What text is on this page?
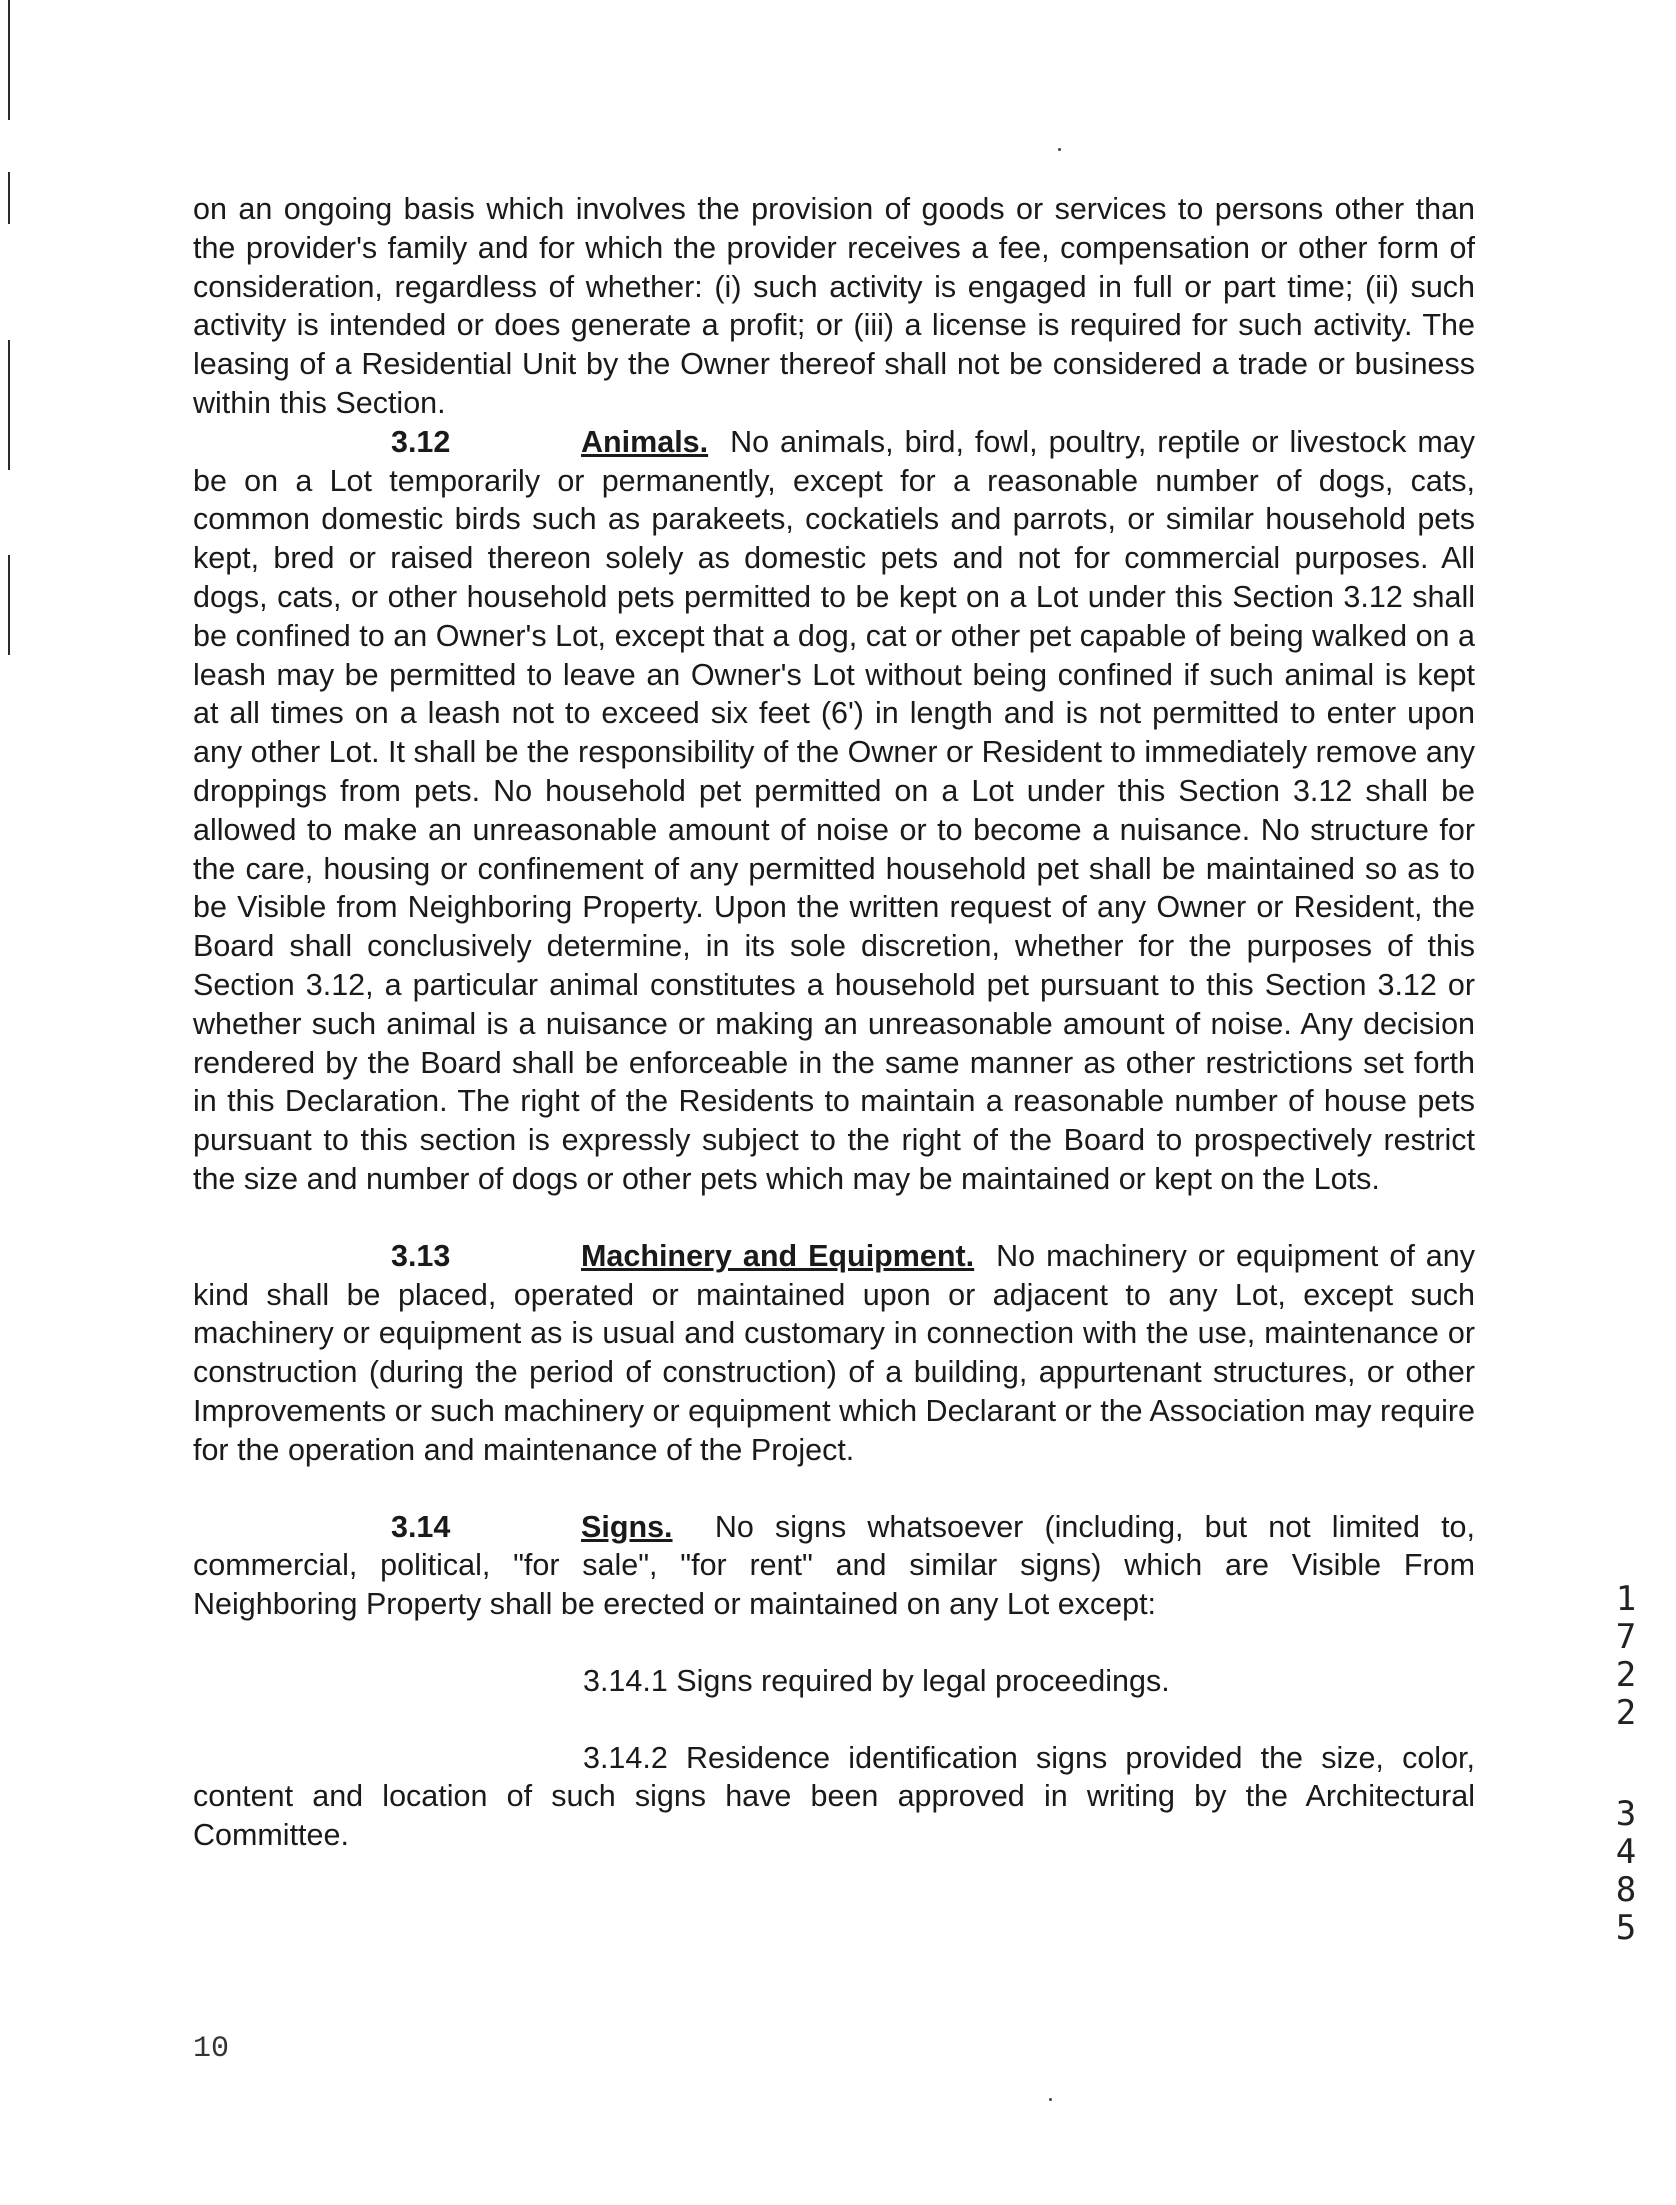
on an ongoing basis which involves the provision of goods or services to persons other than the provider's family and for which the provider receives a fee, compensation or other form of consideration, regardless of whether: (i) such activity is engaged in full or part time; (ii) such activity is intended or does generate a profit; or (iii) a license is required for such activity. The leasing of a Residential Unit by the Owner thereof shall not be considered a trade or business within this Section.

3.12	Animals. No animals, bird, fowl, poultry, reptile or livestock may be on a Lot temporarily or permanently, except for a reasonable number of dogs, cats, common domestic birds such as parakeets, cockatiels and parrots, or similar household pets kept, bred or raised thereon solely as domestic pets and not for commercial purposes. All dogs, cats, or other household pets permitted to be kept on a Lot under this Section 3.12 shall be confined to an Owner's Lot, except that a dog, cat or other pet capable of being walked on a leash may be permitted to leave an Owner's Lot without being confined if such animal is kept at all times on a leash not to exceed six feet (6') in length and is not permitted to enter upon any other Lot. It shall be the responsibility of the Owner or Resident to immediately remove any droppings from pets. No household pet permitted on a Lot under this Section 3.12 shall be allowed to make an unreasonable amount of noise or to become a nuisance. No structure for the care, housing or confinement of any permitted household pet shall be maintained so as to be Visible from Neighboring Property. Upon the written request of any Owner or Resident, the Board shall conclusively determine, in its sole discretion, whether for the purposes of this Section 3.12, a particular animal constitutes a household pet pursuant to this Section 3.12 or whether such animal is a nuisance or making an unreasonable amount of noise. Any decision rendered by the Board shall be enforceable in the same manner as other restrictions set forth in this Declaration. The right of the Residents to maintain a reasonable number of house pets pursuant to this section is expressly subject to the right of the Board to prospectively restrict the size and number of dogs or other pets which may be maintained or kept on the Lots.

3.13	Machinery and Equipment. No machinery or equipment of any kind shall be placed, operated or maintained upon or adjacent to any Lot, except such machinery or equipment as is usual and customary in connection with the use, maintenance or construction (during the period of construction) of a building, appurtenant structures, or other Improvements or such machinery or equipment which Declarant or the Association may require for the operation and maintenance of the Project.

3.14	Signs. No signs whatsoever (including, but not limited to, commercial, political, "for sale", "for rent" and similar signs) which are Visible From Neighboring Property shall be erected or maintained on any Lot except:

3.14.1 Signs required by legal proceedings.

3.14.2 Residence identification signs provided the size, color, content and location of such signs have been approved in writing by the Architectural Committee.

10
1
7
2
2
3
4
8
5
